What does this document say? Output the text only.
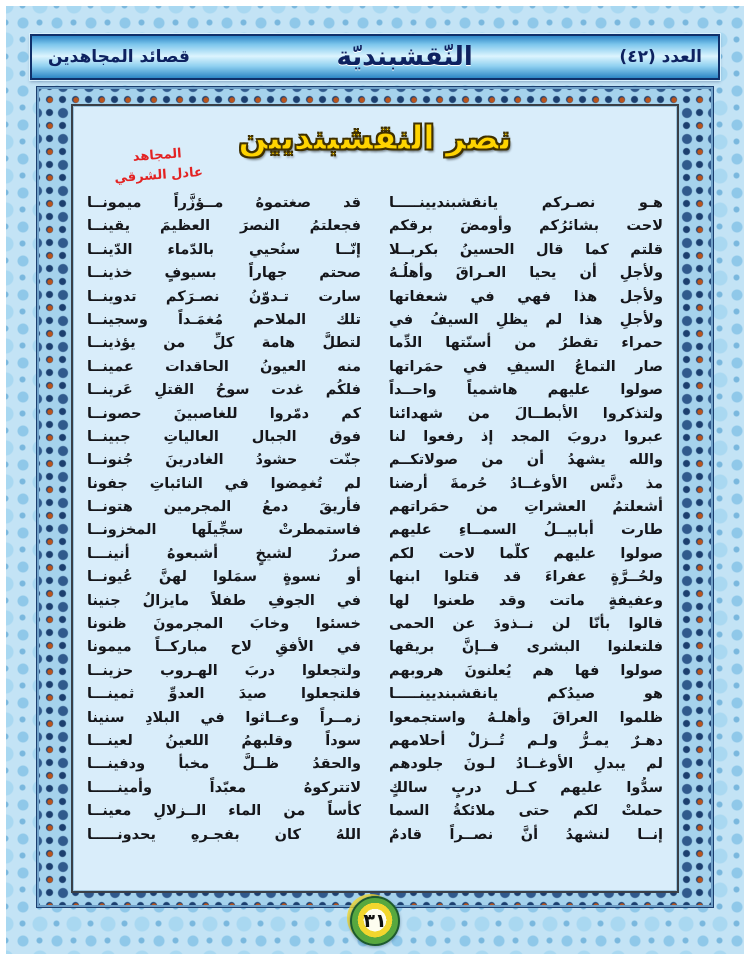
العدد (٤٢)
النّقشبنديّة
قصائد المجاهدين
نصر النقشبنديين
المجاهد
عادل الشرقي
هـو نصـركم يانقشبنديينـــــا
لاحت بشائرُكم وأومضَ برقكم
قلتم كما قال الحسينُ بكربــلا
ولأجلِ أن يحيا العـراقَ وأهلُـهُ
ولأجل هذا فهي في شعفاتها
ولأجلِ هذا لم يظلِ السيفُ في
حمراء تقطرُ من أسنّتها الدِّما
صار التماعُ السيفِ في حمَراتها
صولوا عليهم هاشمياً واحــداً
ولتذكروا الأبطــالَ من شهدائنا
عبروا دروبَ المجد إذ رفعوا لنا
والله يشهدُ أن من صولاتكــم
مذ دنَّس الأوغــادُ حُرمةَ أرضنا
أشعلتمُ العشراتِ من حمَراتهم
طارت أبابيــلُ السمــاءِ عليهم
صولوا عليهم كلّما لاحت لكم
ولحُــرَّةٍ عفراءَ قد قتلوا ابنها
وعفيفةٍ ماتت وقد طعنوا لها
قالوا بأنّا لن نــذودَ عن الحمى
فلتعلنوا البشرى فــإنَّ بريقها
صولوا فها هم يُعلنونَ هروبهم
هو صيدُكم يانقشبنديينـــــا
ظلموا العراقَ وأهلـهُ واستجمعوا
دهـرٌ يمـرُّ ولـم تُــزلْ أحلامهم
لم يبدلِ الأوغــادُ لـونَ جلودهم
سدُّوا عليهم كــل دربٍ سالكٍ
حملتْ لكم حتى ملائكةُ السما
إنــا لنشهدُ أنَّ نصــراً قادمٌ
قد صغتموهُ مــؤزَّراً ميمونــا
فجعلتمُ النصرَ العظيمَ يقينــا
إنّــا سنُحيي بالدّماء الدّينــا
صحتم جهاراً بسيوفٍ خذينــا
سارت تـدوّنُ نصـرَكم تدوينــا
تلك الملاحم مُغمَـداً وسجينــا
لتطلَّ هامة كلِّ من يؤذينــا
منه العيونُ الحاقدات عمينــا
فلكُم غدت سوحُ القتلِ عَرينــا
كم دمّروا للغاصبينَ حصونــا
فوق الجبال العالياتِ جبينــا
جنّت حشودُ الغادرينَ جُنونــا
لم تُغمِضوا في النائباتِ جفونا
فأريقَ دمعُ المجرمين هتونــا
فاستمطرتْ سجِّيلَها المخزونــا
صررٌ لشيخٍ أشبعوهُ أنينـــا
أو نسوةٍ سمَلوا لهنَّ عُيونــا
في الجوفِ طفلاً مايزالُ جنينا
خسئوا وخابَ المجرمونَ ظنونا
في الأفقِ لاح مباركــاً ميمونا
ولتجعلوا دربَ الهـروب حزينــا
فلتجعلوا صيدَ العدوِّ ثمينـــا
زمــراً وعــاثوا في البلادِ سنينا
سوداً وقلبهمُ اللعينُ لعينـــا
والحقدُ ظــلَّ مخبأً ودفينـــا
لاتتركوهُ معبّداً وأمينـــــا
كأساً من الماء الــزلالِ معينــا
اللهُ كان بفجـرهِ يحدونـــــا
٣١
